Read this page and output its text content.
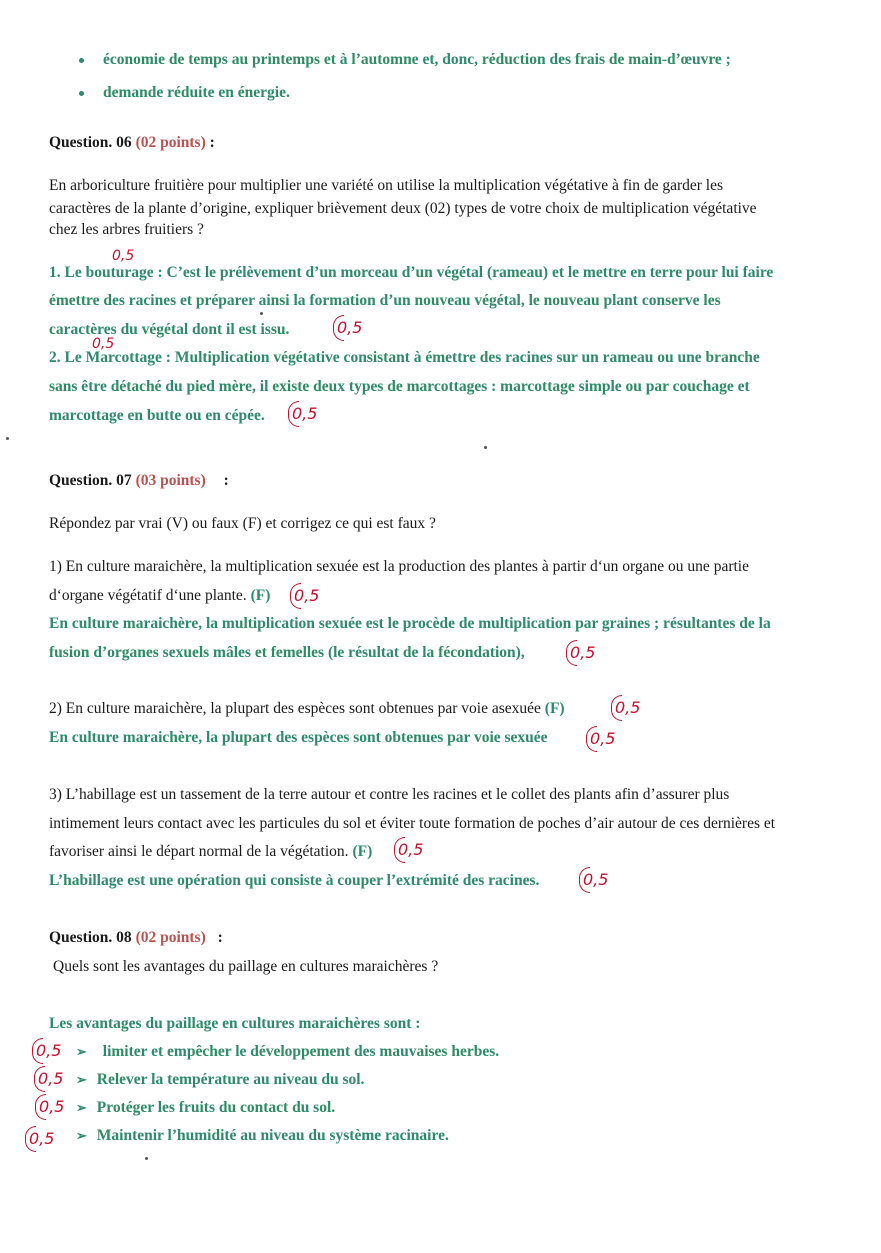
économie de temps au printemps et à l’automne et, donc, réduction des frais de main-d’œuvre ;
demande réduite en énergie.
Question. 06 (02 points) :
En arboriculture fruitière pour multiplier une variété on utilise la multiplication végétative à fin de garder les
caractères de la plante d’origine, expliquer brièvement deux (02) types de votre choix de multiplication végétative
chez les arbres fruitiers ?
1. Le bouturage : C’est le prélèvement d’un morceau d’un végétal (rameau) et le mettre en terre pour lui faire
émettre des racines et préparer ainsi la formation d’un nouveau végétal, le nouveau plant conserve les
caractères du végétal dont il est issu.
2. Le Marcottage : Multiplication végétative consistant à émettre des racines sur un rameau ou une branche
sans être détaché du pied mère, il existe deux types de marcottages : marcottage simple ou par couchage et
marcottage en butte ou en cépée.
0,5
0,5
0,5
0,5
Question. 07 (03 points) :
Répondez par vrai (V) ou faux (F) et corrigez ce qui est faux ?
1) En culture maraichère, la multiplication sexuée est la production des plantes à partir d‘un organe ou une partie
d‘organe végétatif d‘une plante. (F) 0,5
En culture maraichère, la multiplication sexuée est le procède de multiplication par graines ; résultantes de la
fusion d’organes sexuels mâles et femelles (le résultat de la fécondation),	0,5
2) En culture maraichère, la plupart des espèces sont obtenues par voie asexuée (F)	0,5
En culture maraichère, la plupart des espèces sont obtenues par voie sexuée	0,5
3) L’habillage est un tassement de la terre autour et contre les racines et le collet des plants afin d’assurer plus
intimement leurs contact avec les particules du sol et éviter toute formation de poches d’air autour de ces dernières et
favoriser ainsi le départ normal de la végétation. (F) 0,5
L’habillage est une opération qui consiste à couper l’extrémité des racines.	0,5
Question. 08 (02 points) :
Quels sont les avantages du paillage en cultures maraichères ?
Les avantages du paillage en cultures maraichères sont :
➢ limiter et empêcher le développement des mauvaises herbes.
➢ Relever la température au niveau du sol.
➢ Protéger les fruits du contact du sol.
➢ Maintenir l’humidité au niveau du système racinaire.
0,5
0,5
0,5
0,5
